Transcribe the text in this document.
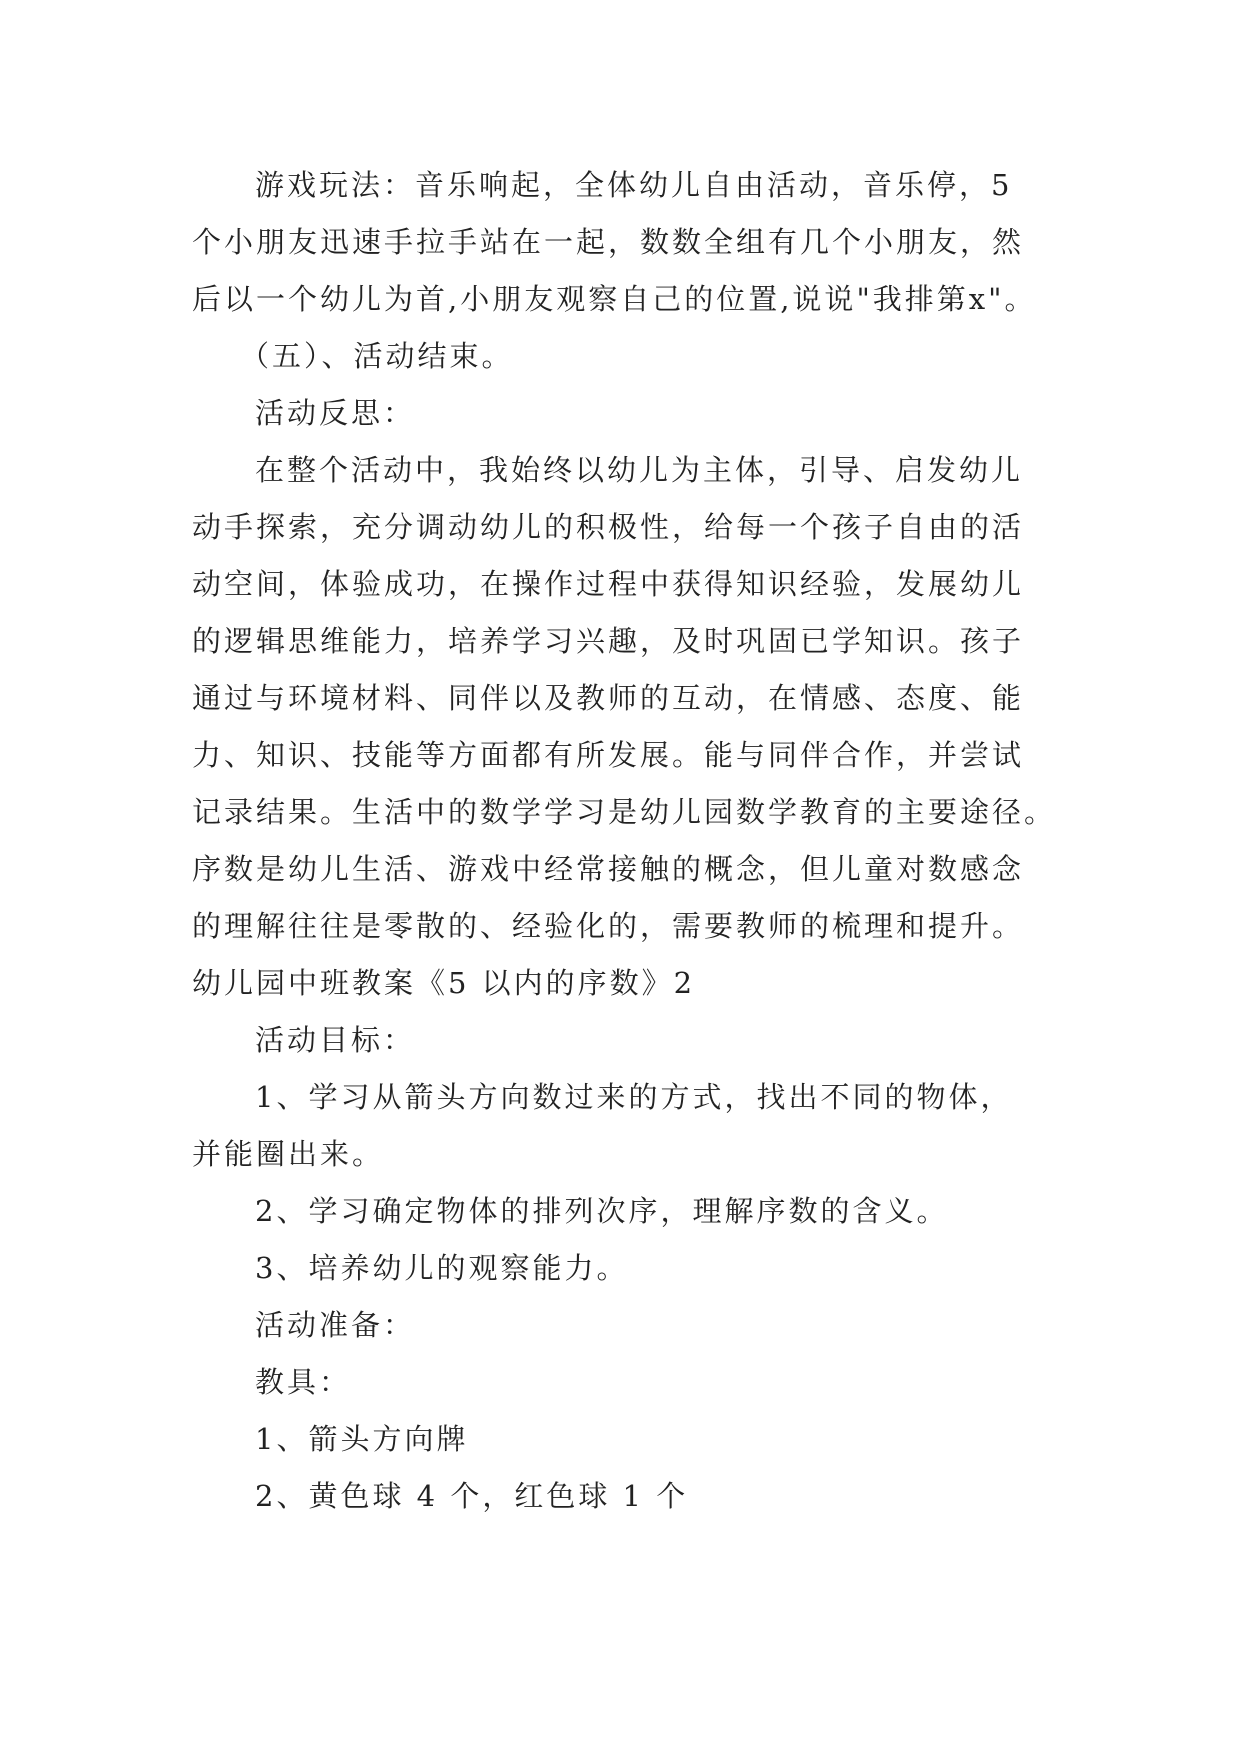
游戏玩法：音乐响起，全体幼儿自由活动，音乐停，5
个小朋友迅速手拉手站在一起，数数全组有几个小朋友，然
后以一个幼儿为首,小朋友观察自己的位置,说说"我排第x"。
（五）、活动结束。
活动反思：
在整个活动中，我始终以幼儿为主体，引导、启发幼儿
动手探索，充分调动幼儿的积极性，给每一个孩子自由的活
动空间，体验成功，在操作过程中获得知识经验，发展幼儿
的逻辑思维能力，培养学习兴趣，及时巩固已学知识。孩子
通过与环境材料、同伴以及教师的互动，在情感、态度、能
力、知识、技能等方面都有所发展。能与同伴合作，并尝试
记录结果。生活中的数学学习是幼儿园数学教育的主要途径。
序数是幼儿生活、游戏中经常接触的概念，但儿童对数感念
的理解往往是零散的、经验化的，需要教师的梳理和提升。
幼儿园中班教案《5 以内的序数》2
活动目标：
1、学习从箭头方向数过来的方式，找出不同的物体，
并能圈出来。
2、学习确定物体的排列次序，理解序数的含义。
3、培养幼儿的观察能力。
活动准备：
教具：
1、箭头方向牌
2、黄色球 4 个，红色球 1 个
